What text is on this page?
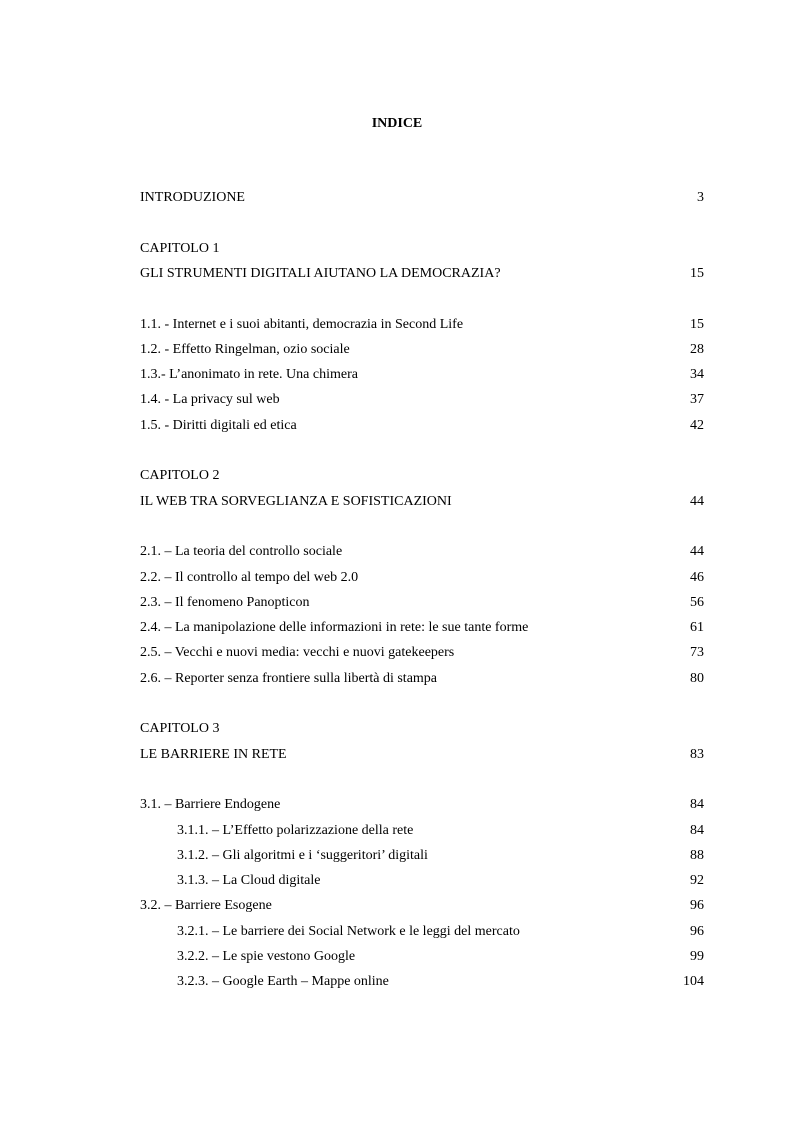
INDICE
INTRODUZIONE	3
CAPITOLO 1
GLI STRUMENTI DIGITALI AIUTANO LA DEMOCRAZIA?	15
1.1. - Internet e i suoi abitanti, democrazia in Second Life	15
1.2. - Effetto Ringelman, ozio sociale	28
1.3.- L’anonimato in rete. Una chimera	34
1.4. - La privacy sul web	37
1.5. - Diritti digitali ed etica	42
CAPITOLO 2
IL WEB TRA SORVEGLIANZA E SOFISTICAZIONI	44
2.1. – La teoria del controllo sociale	44
2.2. – Il controllo al tempo del web 2.0	46
2.3. – Il fenomeno Panopticon	56
2.4. – La manipolazione delle informazioni in rete: le sue tante forme	61
2.5. – Vecchi e nuovi media: vecchi e nuovi gatekeepers	73
2.6. – Reporter senza frontiere sulla libertà di stampa	80
CAPITOLO 3
LE BARRIERE IN RETE	83
3.1. – Barriere Endogene	84
3.1.1. – L’Effetto polarizzazione della rete	84
3.1.2. – Gli algoritmi e i ‘suggeritori’ digitali	88
3.1.3. – La Cloud digitale	92
3.2. – Barriere Esogene	96
3.2.1. – Le barriere dei Social Network e le leggi del mercato	96
3.2.2. – Le spie vestono Google	99
3.2.3. – Google Earth – Mappe online	104
